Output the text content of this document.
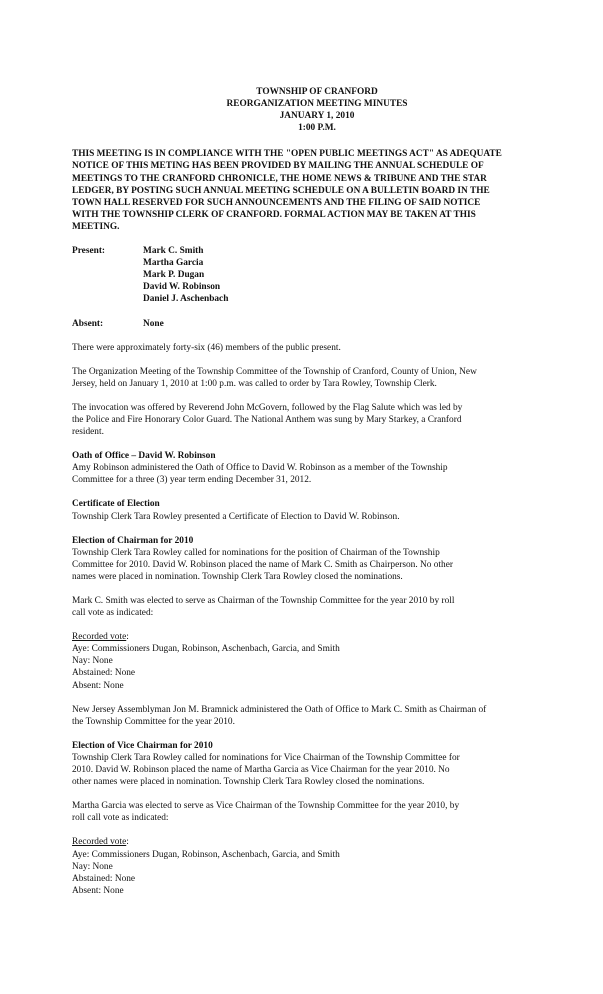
TOWNSHIP OF CRANFORD
REORGANIZATION MEETING MINUTES
JANUARY 1, 2010
1:00 P.M.
THIS MEETING IS IN COMPLIANCE WITH THE "OPEN PUBLIC MEETINGS ACT" AS ADEQUATE
NOTICE OF THIS METING HAS BEEN PROVIDED BY MAILING THE ANNUAL SCHEDULE OF
MEETINGS TO THE CRANFORD CHRONICLE, THE HOME NEWS & TRIBUNE AND THE STAR
LEDGER, BY POSTING SUCH ANNUAL MEETING SCHEDULE ON A BULLETIN BOARD IN THE
TOWN HALL RESERVED FOR SUCH ANNOUNCEMENTS AND THE FILING OF SAID NOTICE
WITH THE TOWNSHIP CLERK OF CRANFORD. FORMAL ACTION MAY BE TAKEN AT THIS
MEETING.
Present:	Mark C. Smith
Martha Garcia
Mark P. Dugan
David W. Robinson
Daniel J. Aschenbach
Absent:	None
There were approximately forty-six (46) members of the public present.
The Organization Meeting of the Township Committee of the Township of Cranford, County of Union, New
Jersey, held on January 1, 2010 at 1:00 p.m. was called to order by Tara Rowley, Township Clerk.
The invocation was offered by Reverend John McGovern, followed by the Flag Salute which was led by
the Police and Fire Honorary Color Guard. The National Anthem was sung by Mary Starkey, a Cranford
resident.
Oath of Office – David W. Robinson
Amy Robinson administered the Oath of Office to David W. Robinson as a member of the Township
Committee for a three (3) year term ending December 31, 2012.
Certificate of Election
Township Clerk Tara Rowley presented a Certificate of Election to David W. Robinson.
Election of Chairman for 2010
Township Clerk Tara Rowley called for nominations for the position of Chairman of the Township
Committee for 2010. David W. Robinson placed the name of Mark C. Smith as Chairperson. No other
names were placed in nomination. Township Clerk Tara Rowley closed the nominations.
Mark C. Smith was elected to serve as Chairman of the Township Committee for the year 2010 by roll
call vote as indicated:
Recorded vote:
Aye: Commissioners Dugan, Robinson, Aschenbach, Garcia, and Smith
Nay: None
Abstained: None
Absent: None
New Jersey Assemblyman Jon M. Bramnick administered the Oath of Office to Mark C. Smith as Chairman of
the Township Committee for the year 2010.
Election of Vice Chairman for 2010
Township Clerk Tara Rowley called for nominations for Vice Chairman of the Township Committee for
2010. David W. Robinson placed the name of Martha Garcia as Vice Chairman for the year 2010. No
other names were placed in nomination. Township Clerk Tara Rowley closed the nominations.
Martha Garcia was elected to serve as Vice Chairman of the Township Committee for the year 2010, by
roll call vote as indicated:
Recorded vote:
Aye: Commissioners Dugan, Robinson, Aschenbach, Garcia, and Smith
Nay: None
Abstained: None
Absent: None
